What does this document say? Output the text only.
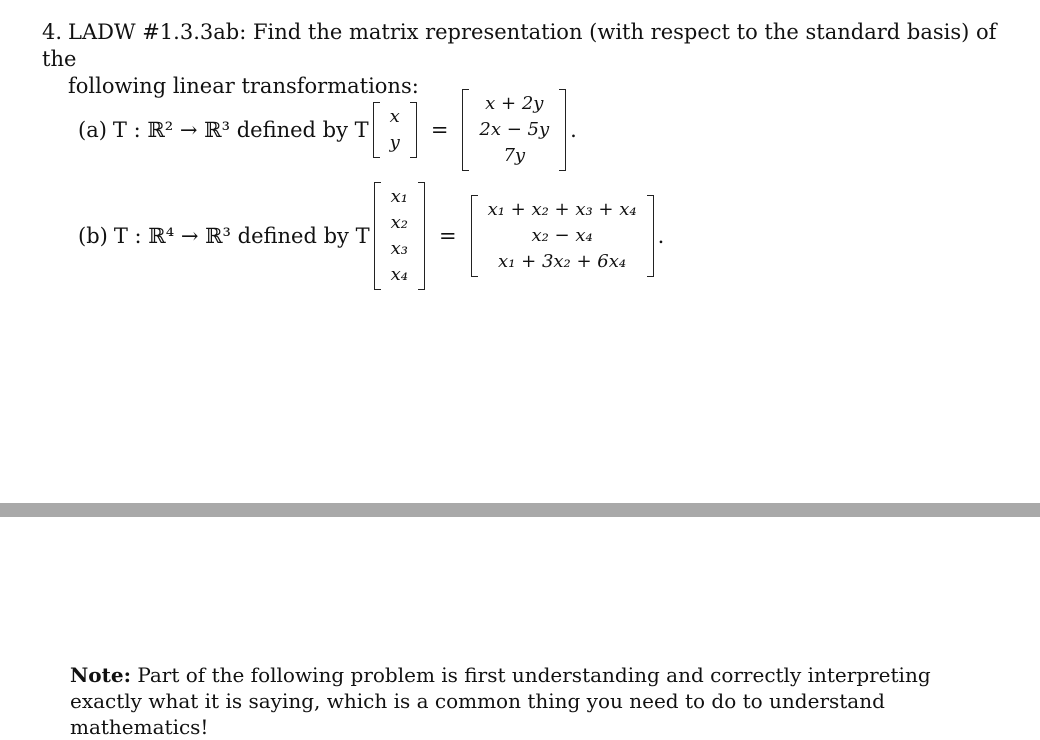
4. LADW #1.3.3ab: Find the matrix representation (with respect to the standard basis) of the
following linear transformations:
(a) T : ℝ² → ℝ³ defined by T
x
y
=
x + 2y
2x − 5y
7y
.
(b) T : ℝ⁴ → ℝ³ defined by T
x₁
x₂
x₃
x₄
=
x₁ + x₂ + x₃ + x₄
x₂ − x₄
x₁ + 3x₂ + 6x₄
.
Note: Part of the following problem is first understanding and correctly interpreting exactly what it is saying, which is a common thing you need to do to understand mathematics!
